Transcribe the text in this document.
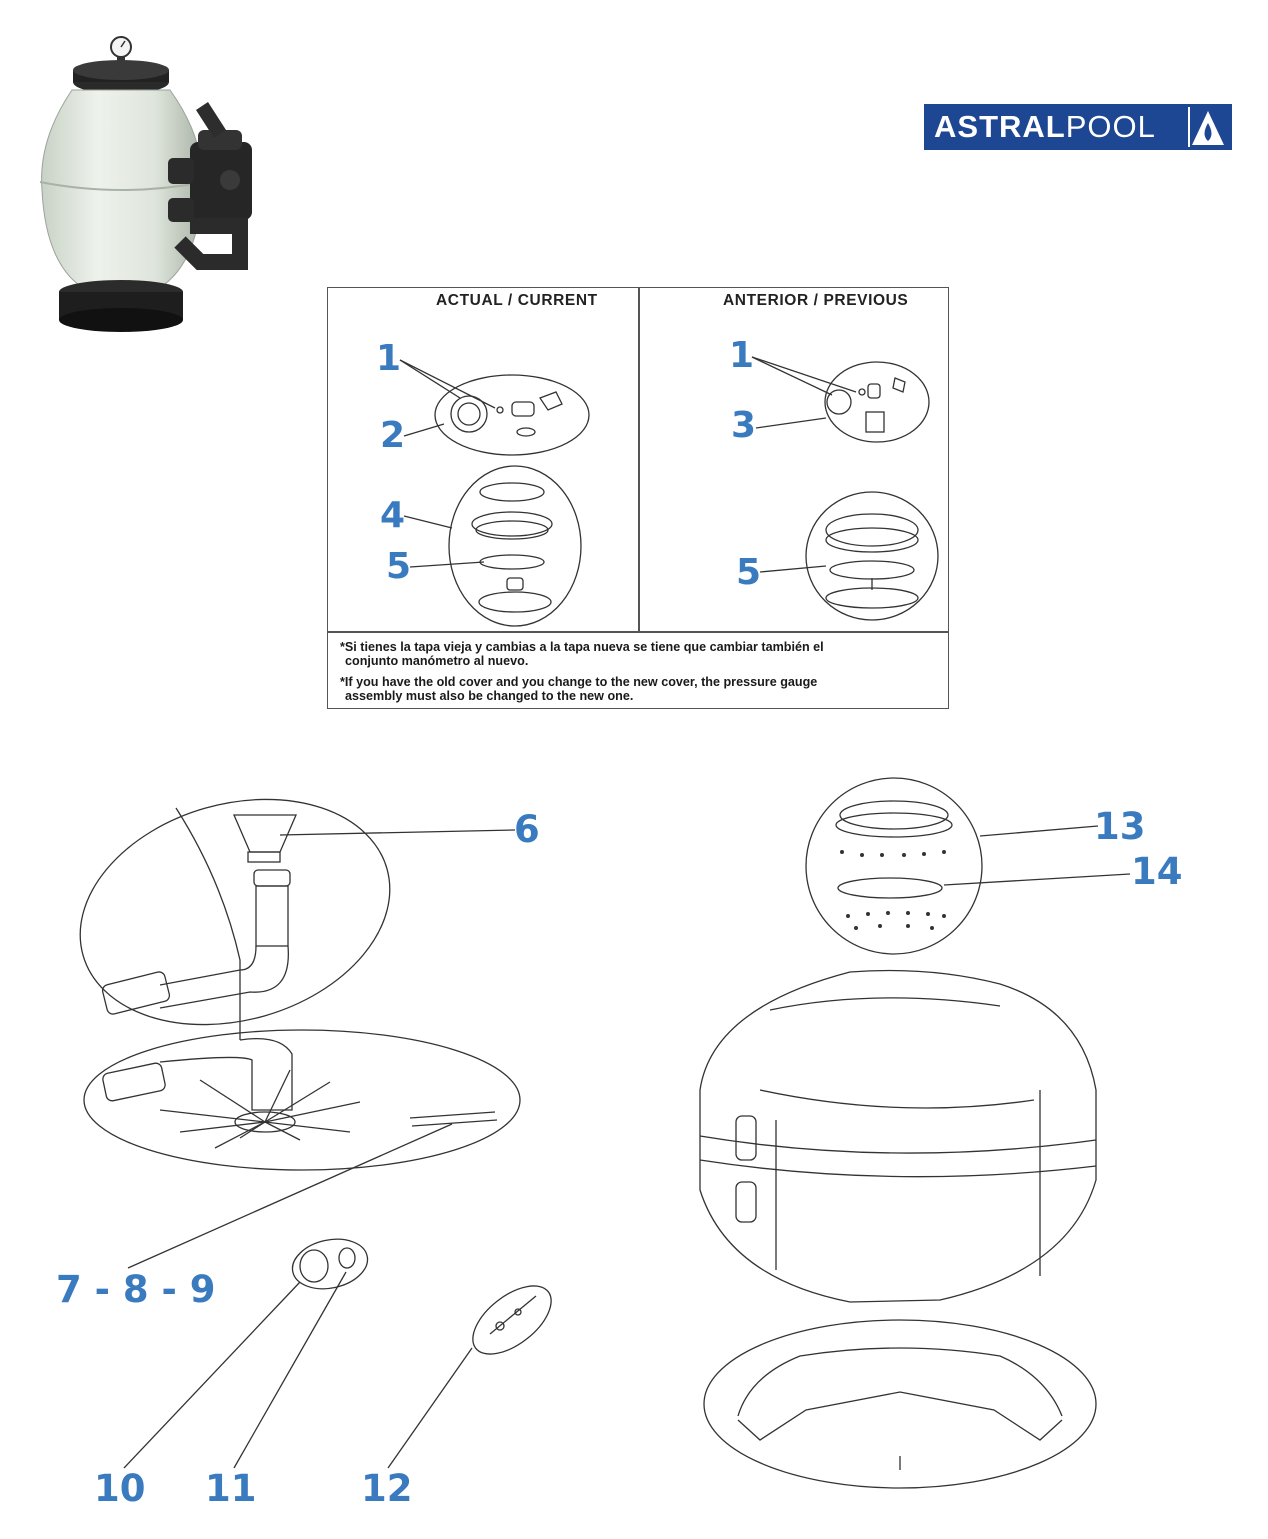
ASTRALPOOL
ACTUAL / CURRENT	ANTERIOR / PREVIOUS
*Si tienes la tapa vieja y cambias a la tapa nueva se tiene que cambiar también el
conjunto manómetro al nuevo.
*If you have the old cover and you change to the new cover, the pressure gauge
assembly must also be changed to the new one.
1
2
4
5
1
3
5
6
7 - 8 - 9
10 11	12
13
14
